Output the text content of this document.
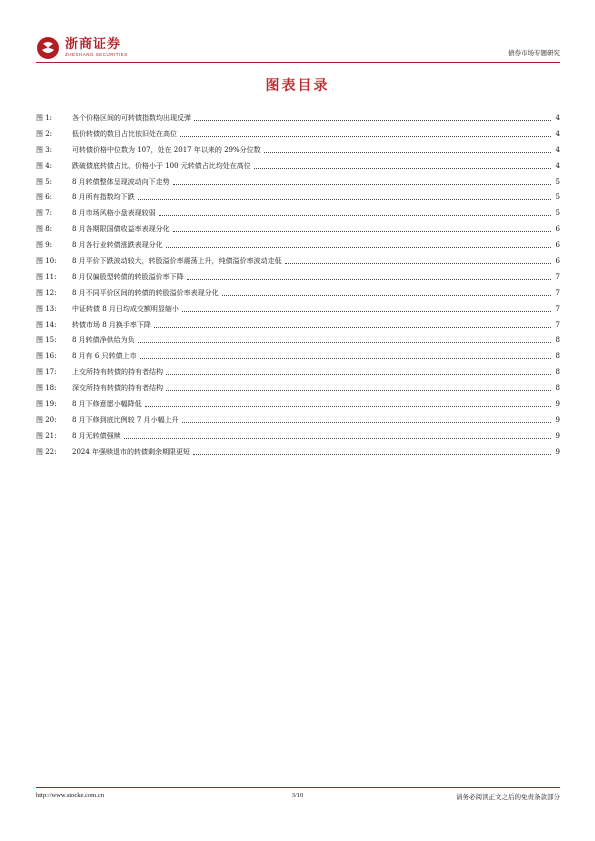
浙商证券
ZHESHANG SECURITIES	债券市场专题研究
图表目录
图 1:	各个价格区间的可转债指数均出现反弹	4
图 2:	低价转债的数目占比依旧处在高位	4
图 3:	可转债价格中位数为 107，处在 2017 年以来的 29%分位数	4
图 4:	跌破债底转债占比、价格小于 100 元转债占比均处在高位	4
图 5:	8 月转债整体呈现波动向下走势	5
图 6:	8 月所有指数均下跌	5
图 7:	8 月市场风格小盘表现较弱	5
图 8:	8 月各期限国债收益率表现分化	6
图 9:	8 月各行业转债涨跌表现分化	6
图 10:	8 月平价下跌波动较大，转股溢价率震荡上升，纯债溢价率波动走低	6
图 11:	8 月仅偏股型转债的转股溢价率下降	7
图 12:	8 月不同平价区间的转债的转股溢价率表现分化	7
图 13:	中证转债 8 月日均成交额明显缩小	7
图 14:	转债市场 8 月换手率下降	7
图 15:	8 月转债净供给为负	8
图 16:	8 月有 6 只转债上市	8
图 17:	上交所持有转债的持有者结构	8
图 18:	深交所持有转债的持有者结构	8
图 19:	8 月下修意愿小幅降低	9
图 20:	8 月下修到底比例较 7 月小幅上升	9
图 21:	8 月无转债强赎	9
图 22:	2024 年强赎退市的转债剩余期限更短	9
http://www.stocke.com.cn	3/10	请务必阅读正文之后的免责条款部分
